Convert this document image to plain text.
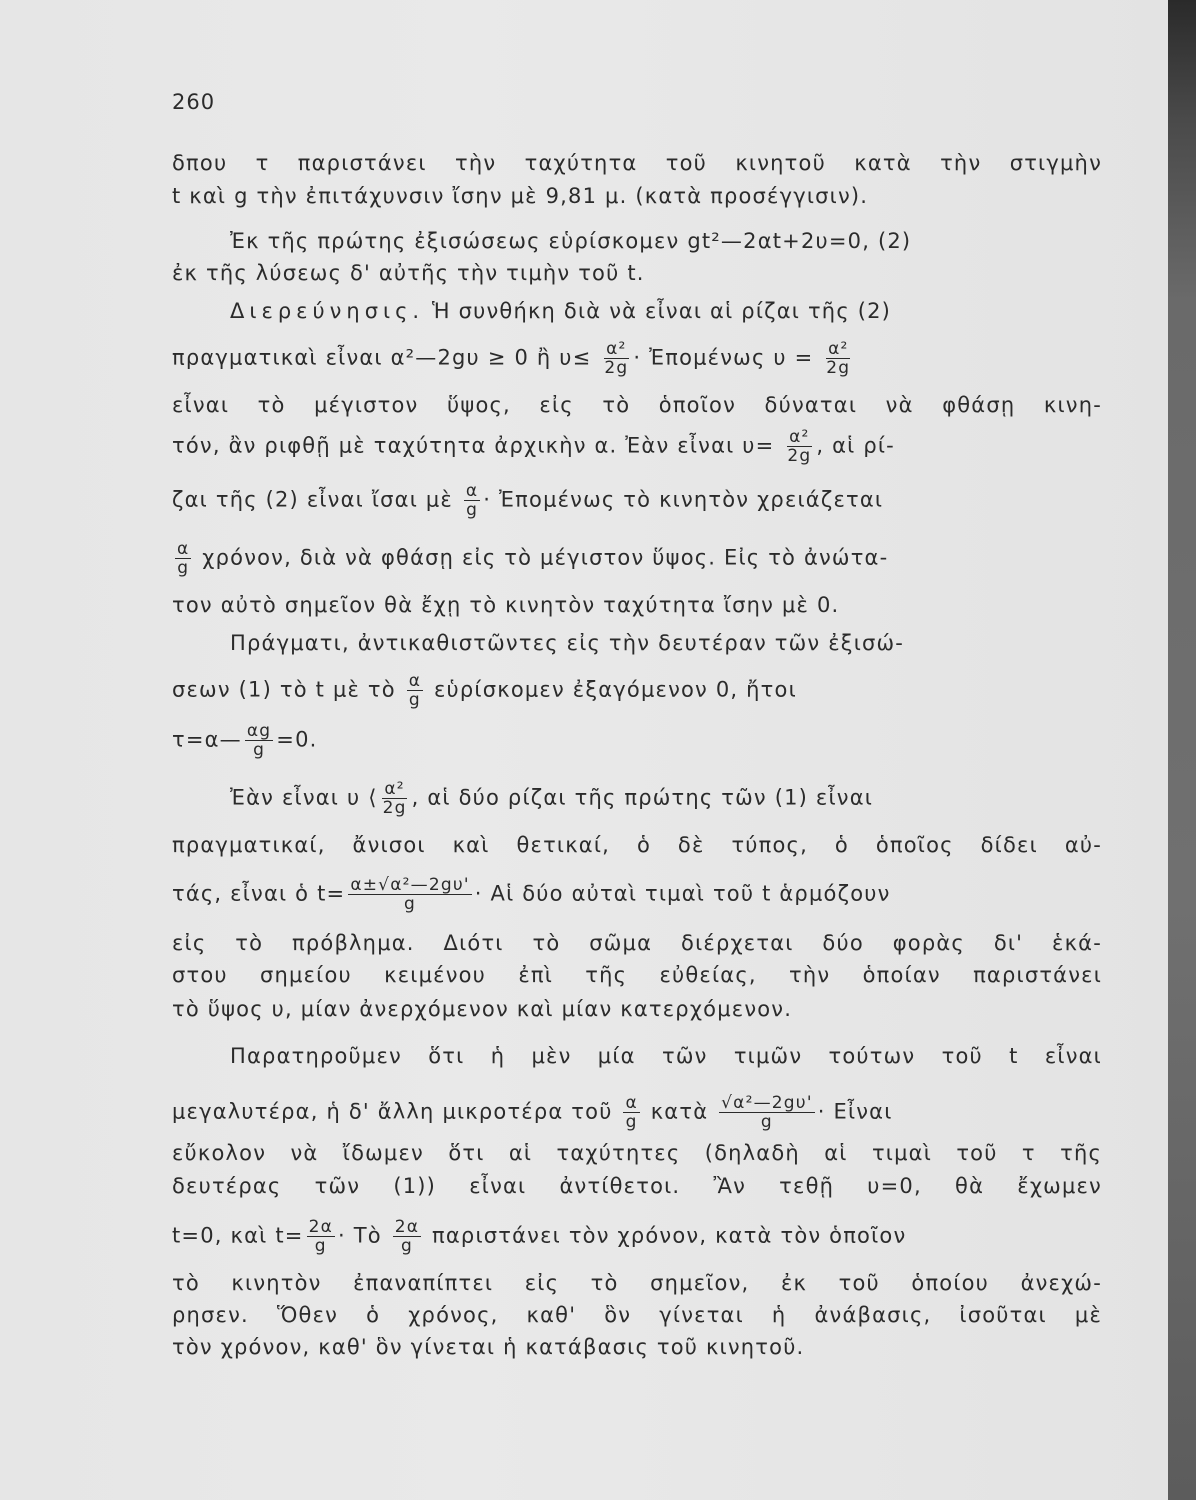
260
δπου τ παριστάνει τὴν ταχύτητα τοῦ κινητοῦ κατὰ τὴν στιγμὴν
t καὶ g τὴν ἐπιτάχυνσιν ἴσην μὲ 9,81 μ. (κατὰ προσέγγισιν).
Ἐκ τῆς πρώτης ἐξισώσεως εὑρίσκομεν gt²—2αt+2υ=0, (2)
ἐκ τῆς λύσεως δ' αὐτῆς τὴν τιμὴν τοῦ t.
Διερεύνησις. Ἡ συνθήκη διὰ νὰ εἶναι αἱ ρίζαι τῆς (2)
πραγματικαὶ εἶναι α²—2gυ ≥ 0 ἢ $\upsilon\le \frac{\text{α²}}{2g}$ · Ἐπομένως $\upsilon = \frac{\text{α²}}{2g}$
εἶναι τὸ μέγιστον ὕψος, εἰς τὸ ὁποῖον δύναται νὰ φθάσῃ κινη-
τόν, ἂν ριφθῇ μὲ ταχύτητα ἀρχικὴν α. Ἐὰν εἶναι $\upsilon= \frac{\text{α²}}{2g}$ , αἱ ρί-
ζαι τῆς (2) εἶναι ἴσαι μὲ $\frac{\alpha}{g}$ · Ἐπομένως τὸ κινητὸν χρειάζεται
$\frac{\alpha}{g} \chi\rho ό\nu o\nu$, διὰ νὰ φθάσῃ εἰς τὸ μέγιστον ὕψος. Εἰς τὸ ἀνώτα-
τον αὐτὸ σημεῖον θὰ ἔχῃ τὸ κινητὸν ταχύτητα ἴσην μὲ 0.
Πράγματι, ἀντικαθιστῶντες εἰς τὴν δευτέραν τῶν ἐξισώ-
σεων (1) τὸ t μὲ τὸ $\frac{\alpha}{g}$ εὑρίσκομεν ἐξαγόμενον 0, ἤτοι
τ=α— $\frac{\alpha g}{g} =0$.
Ἐὰν εἶναι υ ⟨ $\frac{\text{α²}}{2g}$ , αἱ δύο ρίζαι τῆς πρώτης τῶν (1) εἶναι
πραγματικαί, ἄνισοι καὶ θετικαί, ὁ δὲ τύπος, ὁ ὁποῖος δίδει αὐ-
τάς, εἶναι ὁ $t= \frac{\text{α±√α²—2gυ'}}{g}$ · Αἱ δύο αὐταὶ τιμαὶ τοῦ t ἁρμόζουν
εἰς τὸ πρόβλημα. Διότι τὸ σῶμα διέρχεται δύο φορὰς δι' ἑκά-
στου σημείου κειμένου ἐπὶ τῆς εὐθείας, τὴν ὁποίαν παριστάνει
τὸ ὕψος υ, μίαν ἀνερχόμενον καὶ μίαν κατερχόμενον.
Παρατηροῦμεν ὅτι ἡ μὲν μία τῶν τιμῶν τούτων τοῦ t εἶναι
μεγαλυτέρα, ἡ δ' ἄλλη μικροτέρα τοῦ $\frac{\alpha}{g}$ κατὰ $\frac{\text{√α²—2gυ'}}{g}$ · Εἶναι
εὔκολον νὰ ἴδωμεν ὅτι αἱ ταχύτητες (δηλαδὴ αἱ τιμαὶ τοῦ τ τῆς
δευτέρας τῶν (1)) εἶναι ἀντίθετοι. Ἂν τεθῇ υ=0, θὰ ἔχωμεν
t=0, καὶ $t= \frac{2\alpha}{g}$ · Τὸ $\frac{2\alpha}{g}$ παριστάνει τὸν χρόνον, κατὰ τὸν ὁποῖον
τὸ κινητὸν ἐπαναπίπτει εἰς τὸ σημεῖον, ἐκ τοῦ ὁποίου ἀνεχώ-
ρησεν. Ὅθεν ὁ χρόνος, καθ' ὃν γίνεται ἡ ἀνάβασις, ἰσοῦται μὲ
τὸν χρόνον, καθ' ὃν γίνεται ἡ κατάβασις τοῦ κινητοῦ.
